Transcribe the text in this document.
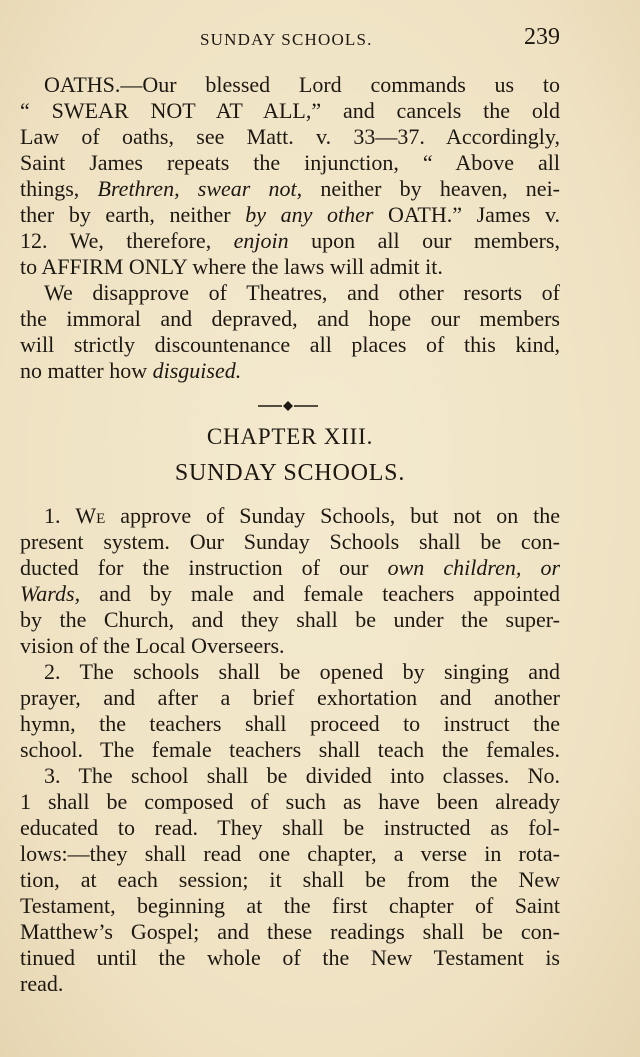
SUNDAY SCHOOLS.	239
OATHS.—Our blessed Lord commands us to
“ SWEAR NOT AT ALL,” and cancels the old
Law of oaths, see Matt. v. 33—37. Accordingly,
Saint James repeats the injunction, “ Above all
things, Brethren, swear not, neither by heaven, nei-
ther by earth, neither by any other OATH.” James v.
12. We, therefore, enjoin upon all our members,
to AFFIRM ONLY where the laws will admit it.
We disapprove of Theatres, and other resorts of
the immoral and depraved, and hope our members
will strictly discountenance all places of this kind,
no matter how disguised.
CHAPTER XIII.
SUNDAY SCHOOLS.
1. We approve of Sunday Schools, but not on the
present system. Our Sunday Schools shall be con-
ducted for the instruction of our own children, or
Wards, and by male and female teachers appointed
by the Church, and they shall be under the super-
vision of the Local Overseers.
2. The schools shall be opened by singing and
prayer, and after a brief exhortation and another
hymn, the teachers shall proceed to instruct the
school. The female teachers shall teach the females.
3. The school shall be divided into classes. No.
1 shall be composed of such as have been already
educated to read. They shall be instructed as fol-
lows:—they shall read one chapter, a verse in rota-
tion, at each session; it shall be from the New
Testament, beginning at the first chapter of Saint
Matthew’s Gospel; and these readings shall be con-
tinued until the whole of the New Testament is
read.
